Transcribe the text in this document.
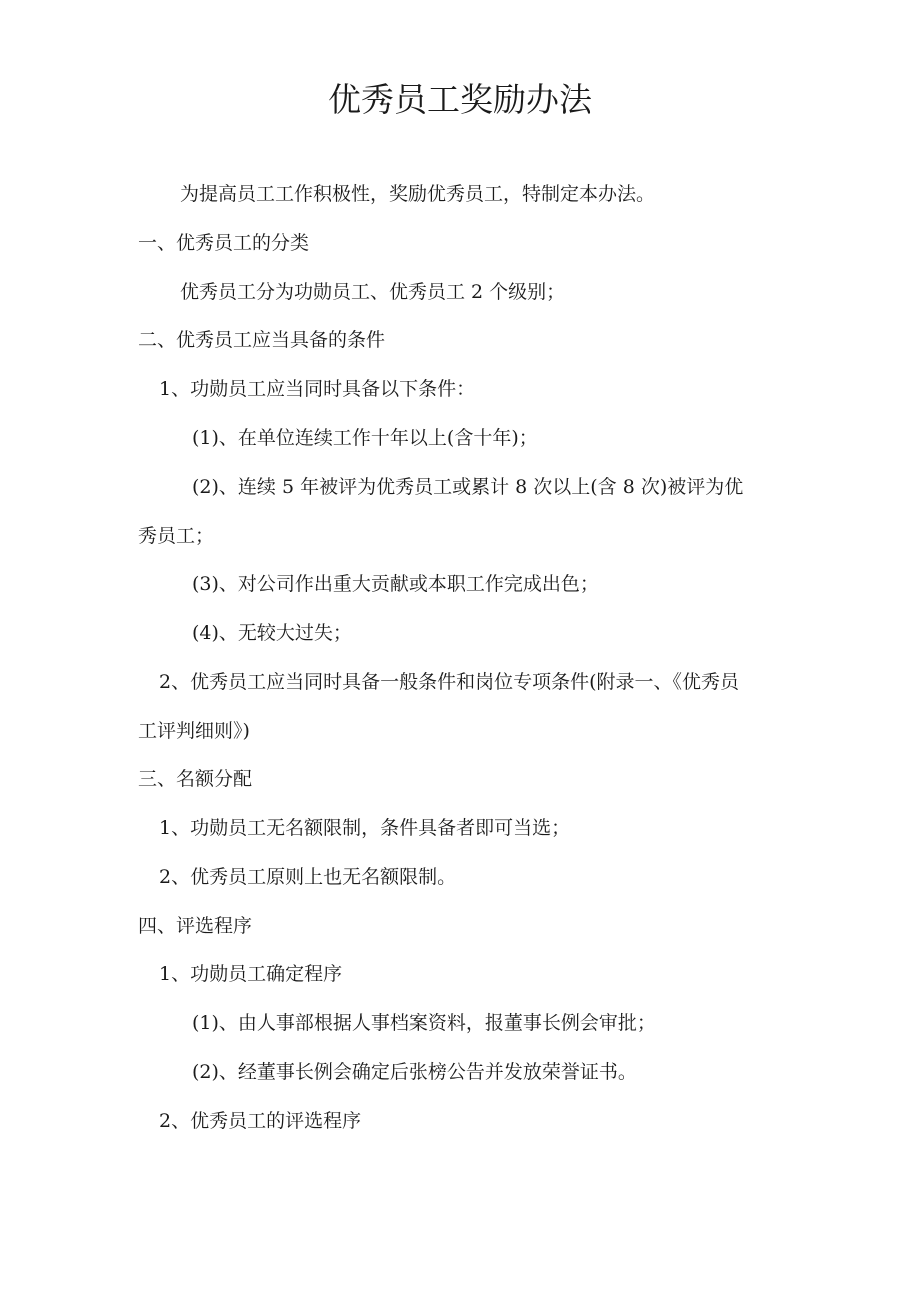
优秀员工奖励办法

为提高员工工作积极性，奖励优秀员工，特制定本办法。

一、优秀员工的分类

优秀员工分为功勋员工、优秀员工 2 个级别；

二、优秀员工应当具备的条件

1、功勋员工应当同时具备以下条件：

(1)、在单位连续工作十年以上(含十年)；

(2)、连续 5 年被评为优秀员工或累计 8 次以上(含 8 次)被评为优

秀员工；

(3)、对公司作出重大贡献或本职工作完成出色；

(4)、无较大过失；

2、优秀员工应当同时具备一般条件和岗位专项条件(附录一、《优秀员

工评判细则》)

三、名额分配

1、功勋员工无名额限制，条件具备者即可当选；

2、优秀员工原则上也无名额限制。

四、评选程序

1、功勋员工确定程序

(1)、由人事部根据人事档案资料，报董事长例会审批；

(2)、经董事长例会确定后张榜公告并发放荣誉证书。

2、优秀员工的评选程序
